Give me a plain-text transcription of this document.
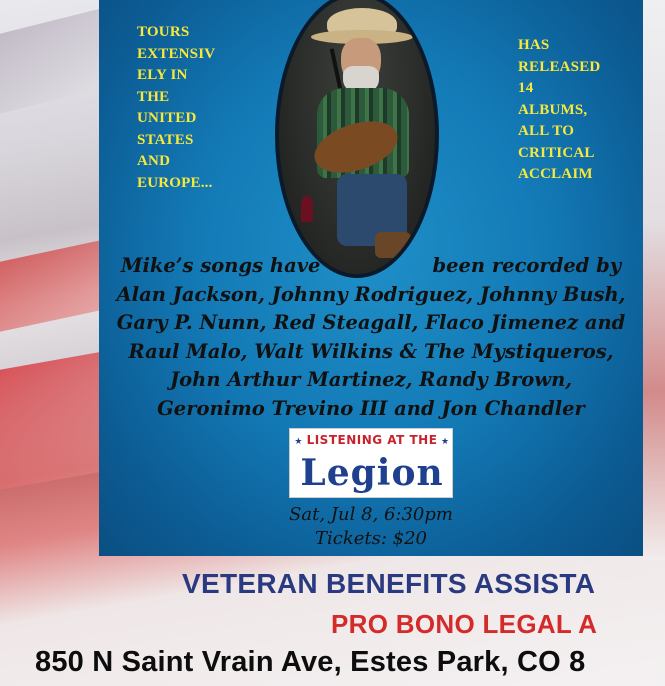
TOURS
EXTENSIV
ELY IN
THE
UNITED
STATES
AND
EUROPE...
HAS
RELEASED
14
ALBUMS,
ALL TO
CRITICAL
ACCLAIM
Mike’s songs have	been recorded by
Alan Jackson, Johnny Rodriguez, Johnny Bush,
Gary P. Nunn, Red Steagall, Flaco Jimenez and
Raul Malo, Walt Wilkins & The Mystiqueros,
John Arthur Martinez, Randy Brown,
Geronimo Trevino III and Jon Chandler
★ LISTENING AT THE ★
Legion
Sat, Jul 8, 6:30pm
Tickets: $20
VETERAN BENEFITS ASSISTA
PRO BONO LEGAL A
850 N Saint Vrain Ave, Estes Park, CO 8
